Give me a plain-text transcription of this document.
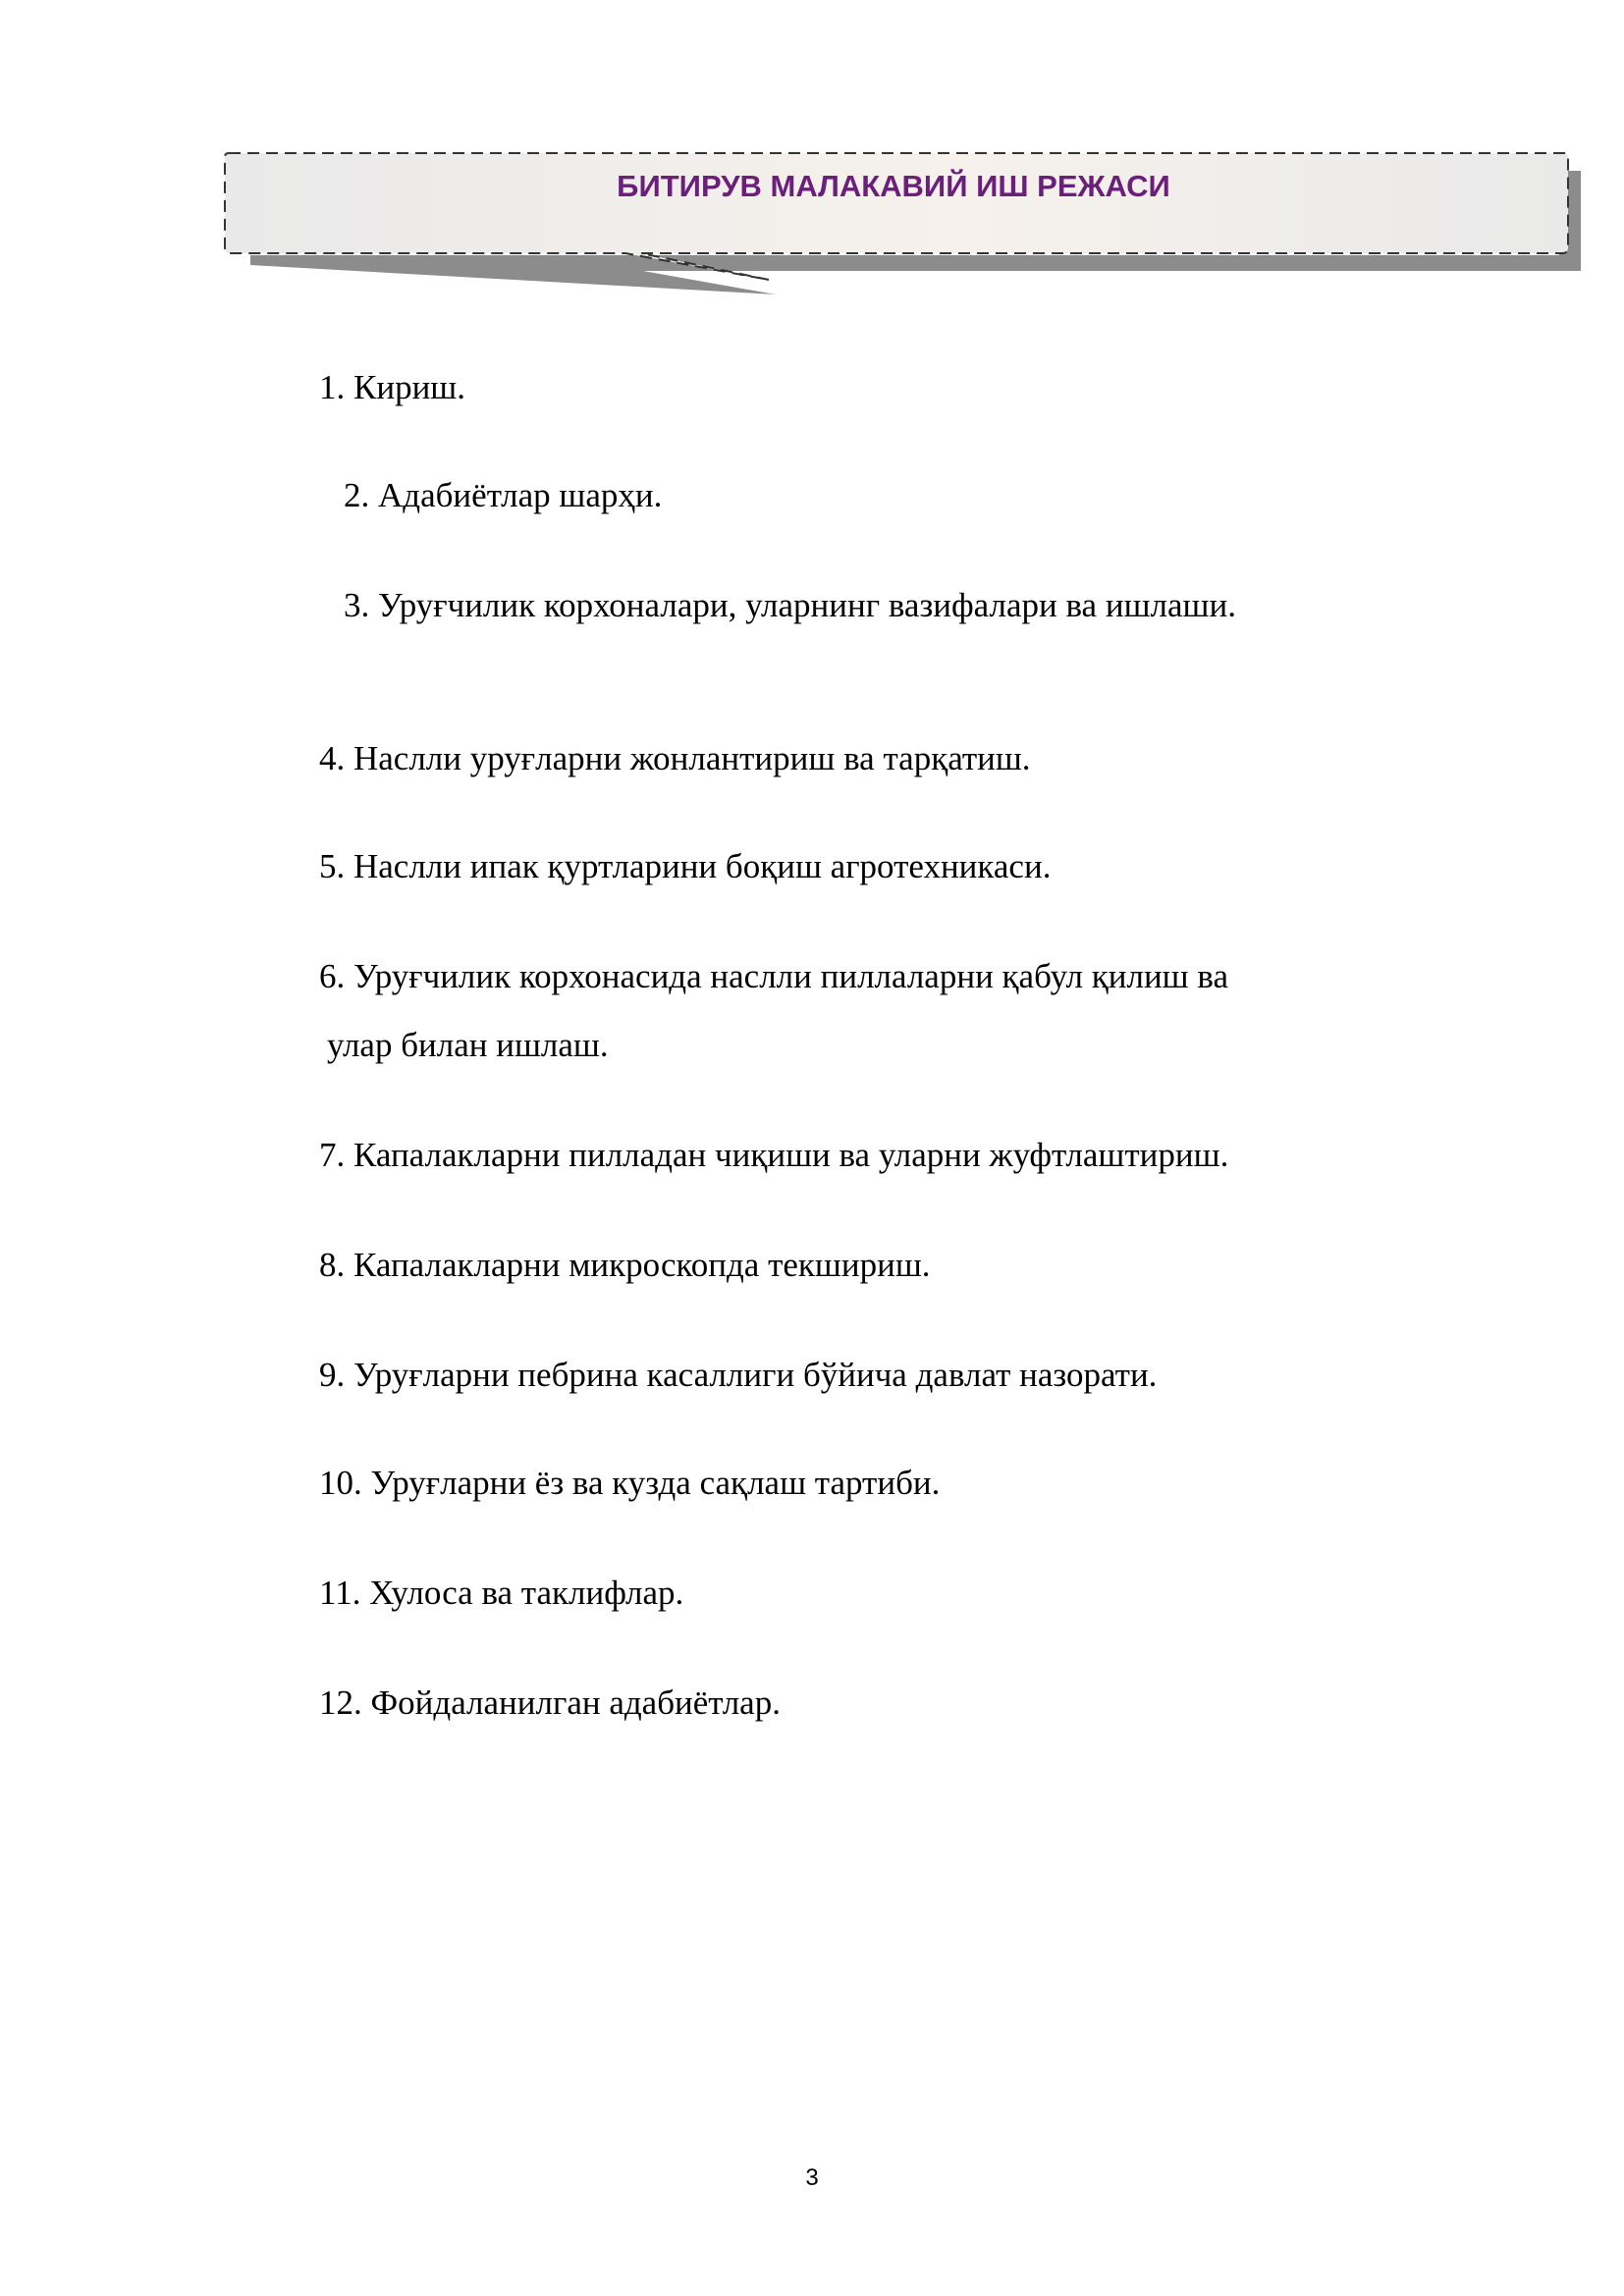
БИТИРУВ МАЛАКАВИЙ ИШ РЕЖАСИ
1. Кириш.
2. Адабиётлар шарҳи.
3. Уруғчилик корхоналари, уларнинг вазифалари ва ишлаши.
4. Наслли уруғларни жонлантириш ва тарқатиш.
5. Наслли ипак қуртларини боқиш агротехникаси.
6. Уруғчилик корхонасида наслли пиллаларни қабул қилиш ва
улар билан ишлаш.
7. Капалакларни пилладан чиқиши ва уларни жуфтлаштириш.
8. Капалакларни микроскопда текшириш.
9. Уруғларни пебрина касаллиги бўйича давлат назорати.
10. Уруғларни ёз ва кузда сақлаш тартиби.
11. Хулоса ва таклифлар.
12. Фойдаланилган адабиётлар.
3
